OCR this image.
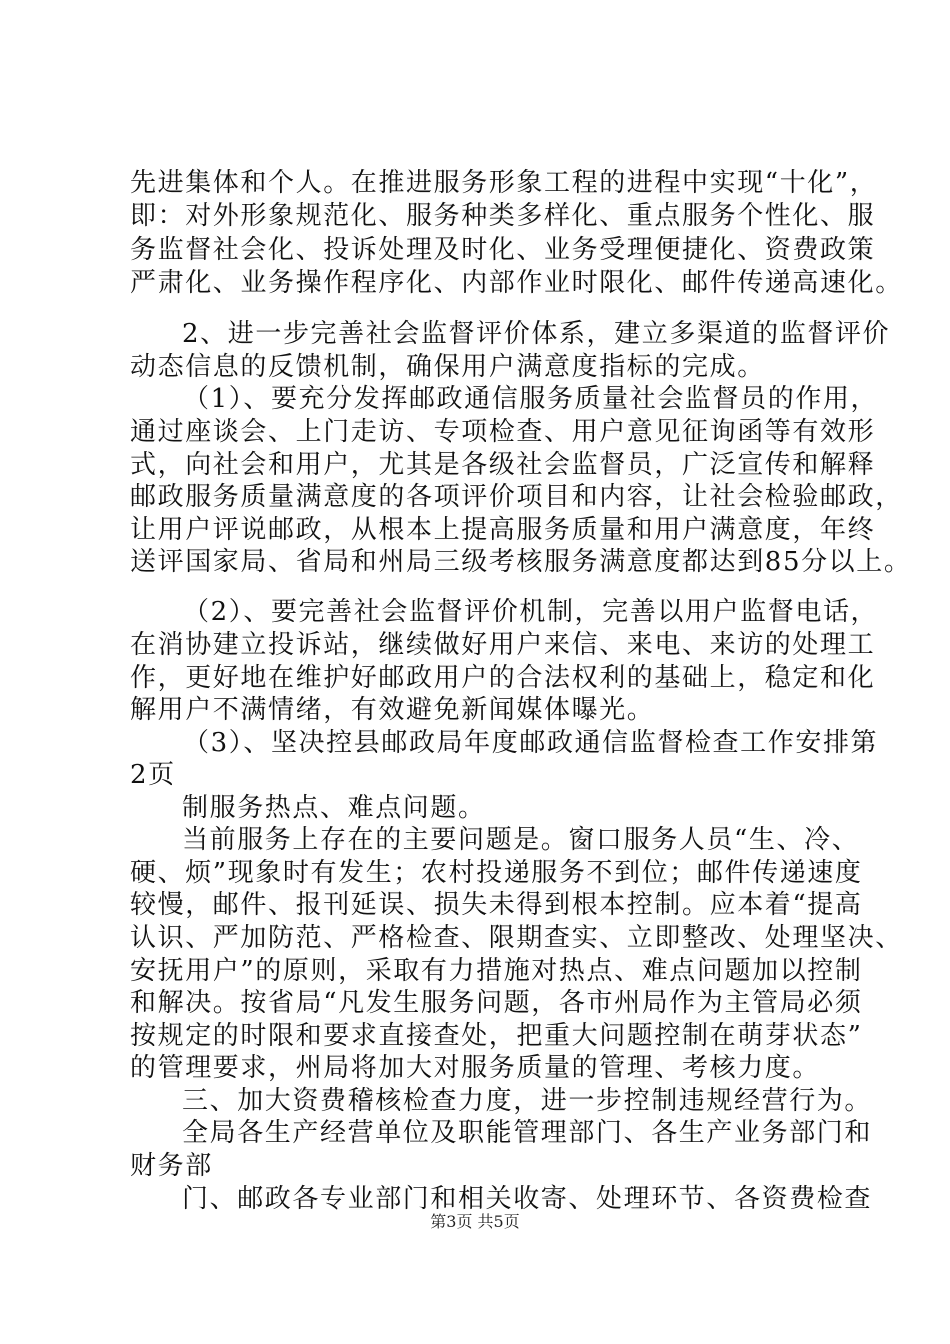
先进集体和个人。在推进服务形象工程的进程中实现“十化”，
即：对外形象规范化、服务种类多样化、重点服务个性化、服
务监督社会化、投诉处理及时化、业务受理便捷化、资费政策
严肃化、业务操作程序化、内部作业时限化、邮件传递高速化。
2、进一步完善社会监督评价体系，建立多渠道的监督评价
动态信息的反馈机制，确保用户满意度指标的完成。
（1）、要充分发挥邮政通信服务质量社会监督员的作用，
通过座谈会、上门走访、专项检查、用户意见征询函等有效形
式，向社会和用户，尤其是各级社会监督员，广泛宣传和解释
邮政服务质量满意度的各项评价项目和内容，让社会检验邮政，
让用户评说邮政，从根本上提高服务质量和用户满意度，年终
送评国家局、省局和州局三级考核服务满意度都达到85分以上。
（2）、要完善社会监督评价机制，完善以用户监督电话，
在消协建立投诉站，继续做好用户来信、来电、来访的处理工
作，更好地在维护好邮政用户的合法权利的基础上，稳定和化
解用户不满情绪，有效避免新闻媒体曝光。
（3）、坚决控县邮政局年度邮政通信监督检查工作安排第
2页
制服务热点、难点问题。
当前服务上存在的主要问题是。窗口服务人员“生、冷、
硬、烦”现象时有发生；农村投递服务不到位；邮件传递速度
较慢，邮件、报刊延误、损失未得到根本控制。应本着“提高
认识、严加防范、严格检查、限期查实、立即整改、处理坚决、
安抚用户”的原则，采取有力措施对热点、难点问题加以控制
和解决。按省局“凡发生服务问题，各市州局作为主管局必须
按规定的时限和要求直接查处，把重大问题控制在萌芽状态”
的管理要求，州局将加大对服务质量的管理、考核力度。
三、加大资费稽核检查力度，进一步控制违规经营行为。
全局各生产经营单位及职能管理部门、各生产业务部门和
财务部
门、邮政各专业部门和相关收寄、处理环节、各资费检查
第3页 共5页
